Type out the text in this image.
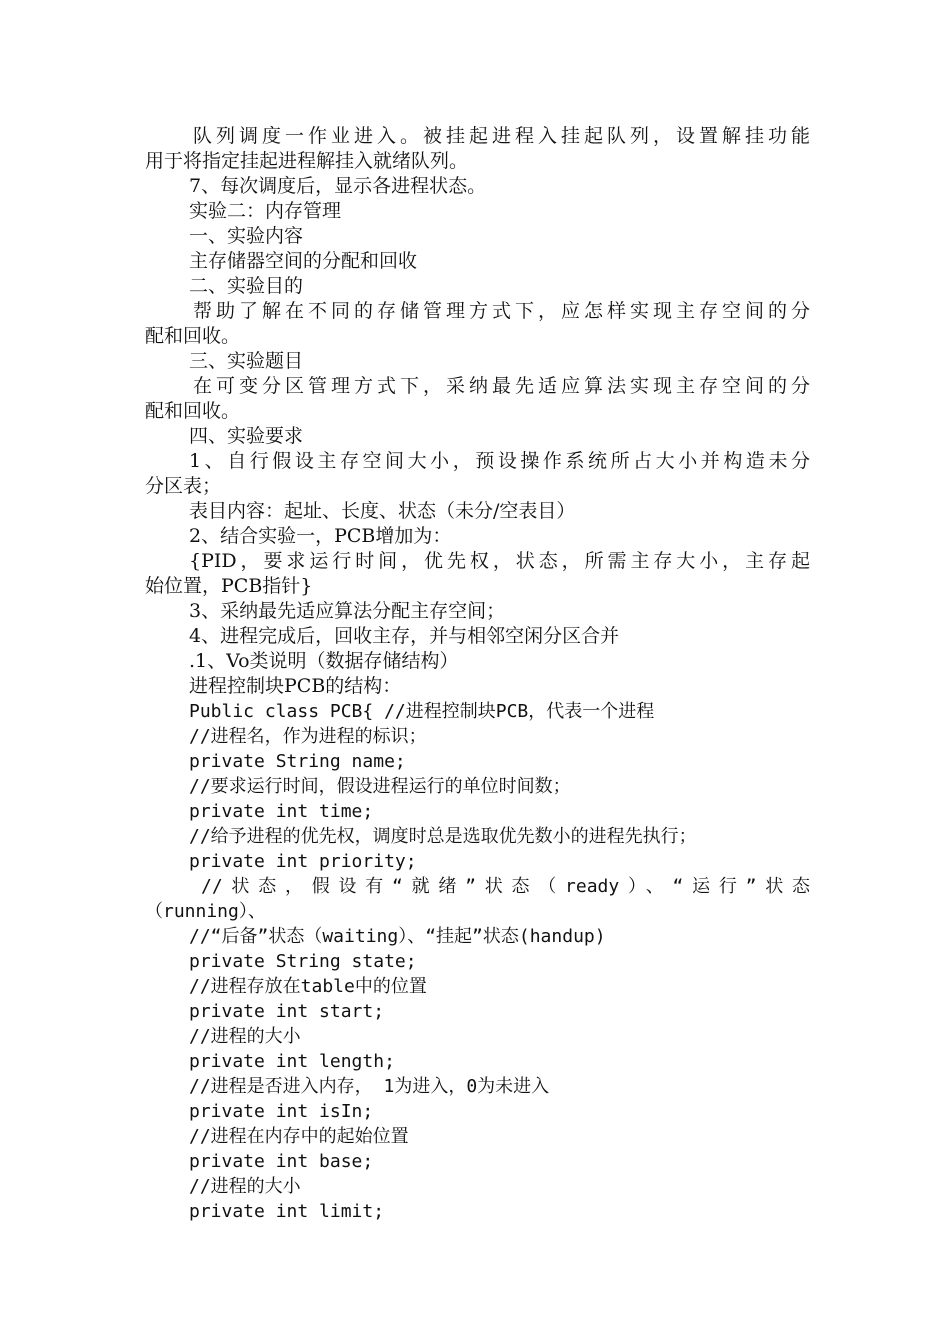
队列调度一作业进入。被挂起进程入挂起队列，设置解挂功能
用于将指定挂起进程解挂入就绪队列。
7、每次调度后，显示各进程状态。
实验二：内存管理
一、实验内容
主存储器空间的分配和回收
二、实验目的
帮助了解在不同的存储管理方式下，应怎样实现主存空间的分
配和回收。
三、实验题目
在可变分区管理方式下，采纳最先适应算法实现主存空间的分
配和回收。
四、实验要求
1、自行假设主存空间大小，预设操作系统所占大小并构造未分
分区表；
表目内容：起址、长度、状态（未分/空表目）
2、结合实验一，PCB增加为：
{PID，要求运行时间，优先权，状态，所需主存大小，主存起
始位置，PCB指针}
3、采纳最先适应算法分配主存空间；
4、进程完成后，回收主存，并与相邻空闲分区合并
.1、Vo类说明（数据存储结构）
进程控制块PCB的结构：
Public class PCB{ //进程控制块PCB，代表一个进程
//进程名，作为进程的标识；
private String name;
//要求运行时间，假设进程运行的单位时间数；
private int time;
//给予进程的优先权，调度时总是选取优先数小的进程先执行；
private int priority;
//状态，假设有“就绪”状态（ready）、“运行”状态
（running）、
//“后备”状态（waiting）、“挂起”状态(handup)
private String state;
//进程存放在table中的位置
private int start;
//进程的大小
private int length;
//进程是否进入内存， 1为进入，0为未进入
private int isIn;
//进程在内存中的起始位置
private int base;
//进程的大小
private int limit;
